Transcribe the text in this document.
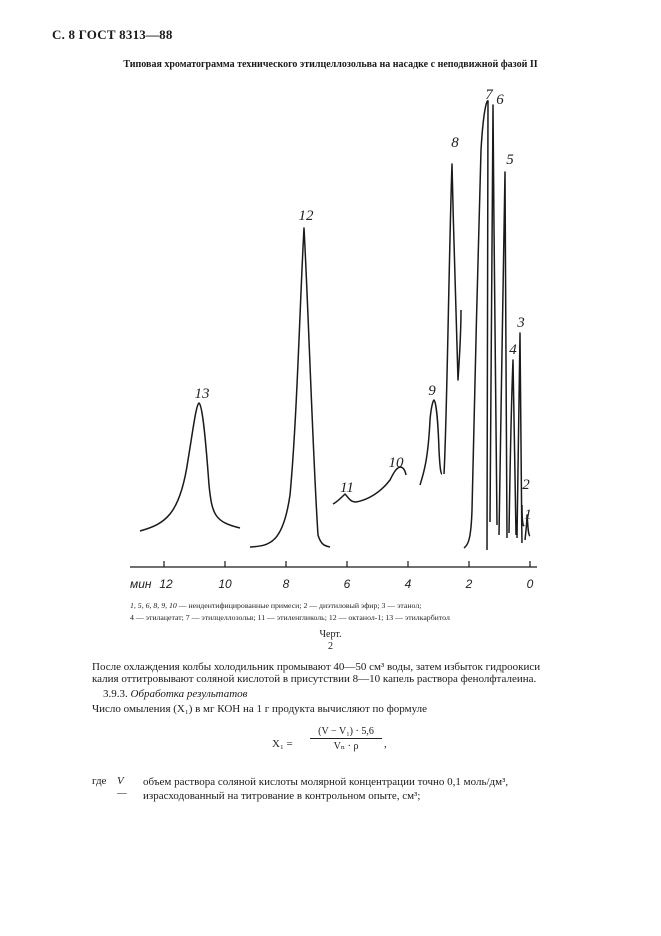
С. 8 ГОСТ 8313—88
Типовая хроматограмма технического этилцеллозольва на насадке с неподвижной фазой II
мин 12	10	8	6	4	2	0
13
12
11
10
9
8
7 6
5
4
3
2
1
1, 5, 6, 8, 9, 10 — неидентифицированные примеси; 2 — диэтиловый эфир; 3 — этанол;
4 — этилацетат; 7 — этилцеллозольв; 11 — этиленгликоль; 12 — октанол-1; 13 — этилкарбитол
Черт.
2
После охлаждения колбы холодильник промывают 40—50 см³ воды, затем избыток гидроокиси
калия оттитровывают соляной кислотой в присутствии 8—10 капель раствора фенолфталеина.
3.9.3. Обработка результатов
Число омыления (X₁) в мг КОН на 1 г продукта вычисляют по формуле
$X_1 = \frac{\text{(V − V₁) · 5,6}}{\text{Vₙ · ρ}}$ ,
где V —
объем раствора соляной кислоты молярной концентрации точно 0,1 моль/дм³, израсходованный на титрование в контрольном опыте, см³;
